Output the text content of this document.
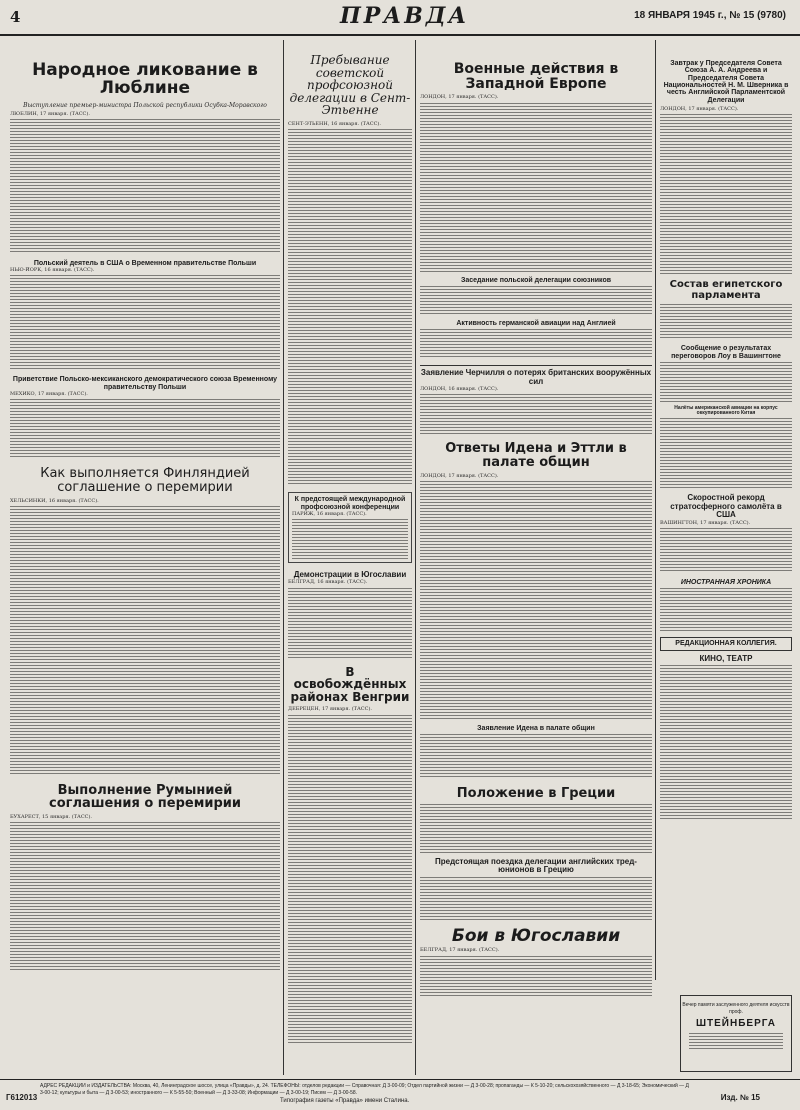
4	ПРАВДА	18 ЯНВАРЯ 1945 г., № 15 (9780)
Народное ликование в Люблине
Выступление премьер-министра Польской республики Осубка-Моравского
ЛЮБЛИН, 17 января. (ТАСС).
Польский деятель в США о Временном правительстве Польши
НЬЮ-ЙОРК, 16 января. (ТАСС).
Приветствие Польско-мексиканского демократического союза Временному правительству Польши
МЕХИКО, 17 января. (ТАСС).
Как выполняется Финляндией соглашение о перемирии
ХЕЛЬСИНКИ, 16 января. (ТАСС).
Выполнение Румынией соглашения о перемирии
БУХАРЕСТ, 15 января. (ТАСС).
Пребывание советской профсоюзной делегации в Сент-Этьенне
СЕНТ-ЭТЬЕНН, 16 января. (ТАСС).
К предстоящей международной профсоюзной конференции
ПАРИЖ, 16 января. (ТАСС).
Демонстрации в Югославии
БЕЛГРАД, 16 января. (ТАСС).
В освобождённых районах Венгрии
ДЕБРЕЦЕН, 17 января. (ТАСС).
Военные действия в Западной Европе
ЛОНДОН, 17 января. (ТАСС).
Заседание польской делегации союзников
Активность германской авиации над Англией
Заявление Черчилля о потерях британских вооружённых сил
ЛОНДОН, 16 января. (ТАСС).
Ответы Идена и Эттли в палате общин
ЛОНДОН, 17 января. (ТАСС).
Заявление Идена в палате общин
Положение в Греции
Предстоящая поездка делегации английских тред-юнионов в Грецию
Бои в Югославии
БЕЛГРАД, 17 января. (ТАСС).
Завтрак у Председателя Совета Союза А. А. Андреева и Председателя Совета Национальностей Н. М. Шверника в честь Английской Парламентской Делегации
ЛОНДОН, 17 января. (ТАСС).
Состав египетского парламента
Сообщение о результатах переговоров Лоу в Вашингтоне
Налёты американской авиации на корпус оккупированного Китая
Скоростной рекорд стратосферного самолёта в США
ВАШИНГТОН, 17 января. (ТАСС).
ИНОСТРАННАЯ ХРОНИКА
РЕДАКЦИОННАЯ КОЛЛЕГИЯ.
КИНО, ТЕАТР
Вечер памяти заслуженного деятеля искусств проф.
ШТЕЙНБЕРГА
АДРЕС РЕДАКЦИИ и ИЗДАТЕЛЬСТВА: Москва, 40, Ленинградское шоссе, улица «Правды», д. 24. ТЕЛЕФОНЫ: отделов редакции — Справочная: Д 3-00-09; Отдел партийной жизни — Д 3-00-28; пропаганды — К 5-10-20; сельскохозяйственного — Д 3-18-65; Экономический — Д 3-00-12; культуры и быта — Д 3-00-53; иностранного — К 5-55-50; Военный — Д 3-33-08; Информации — Д 3-00-19; Писем — Д 3-00-58.
Г612013	Типография газеты «Правда» имени Сталина.	Изд. № 15
